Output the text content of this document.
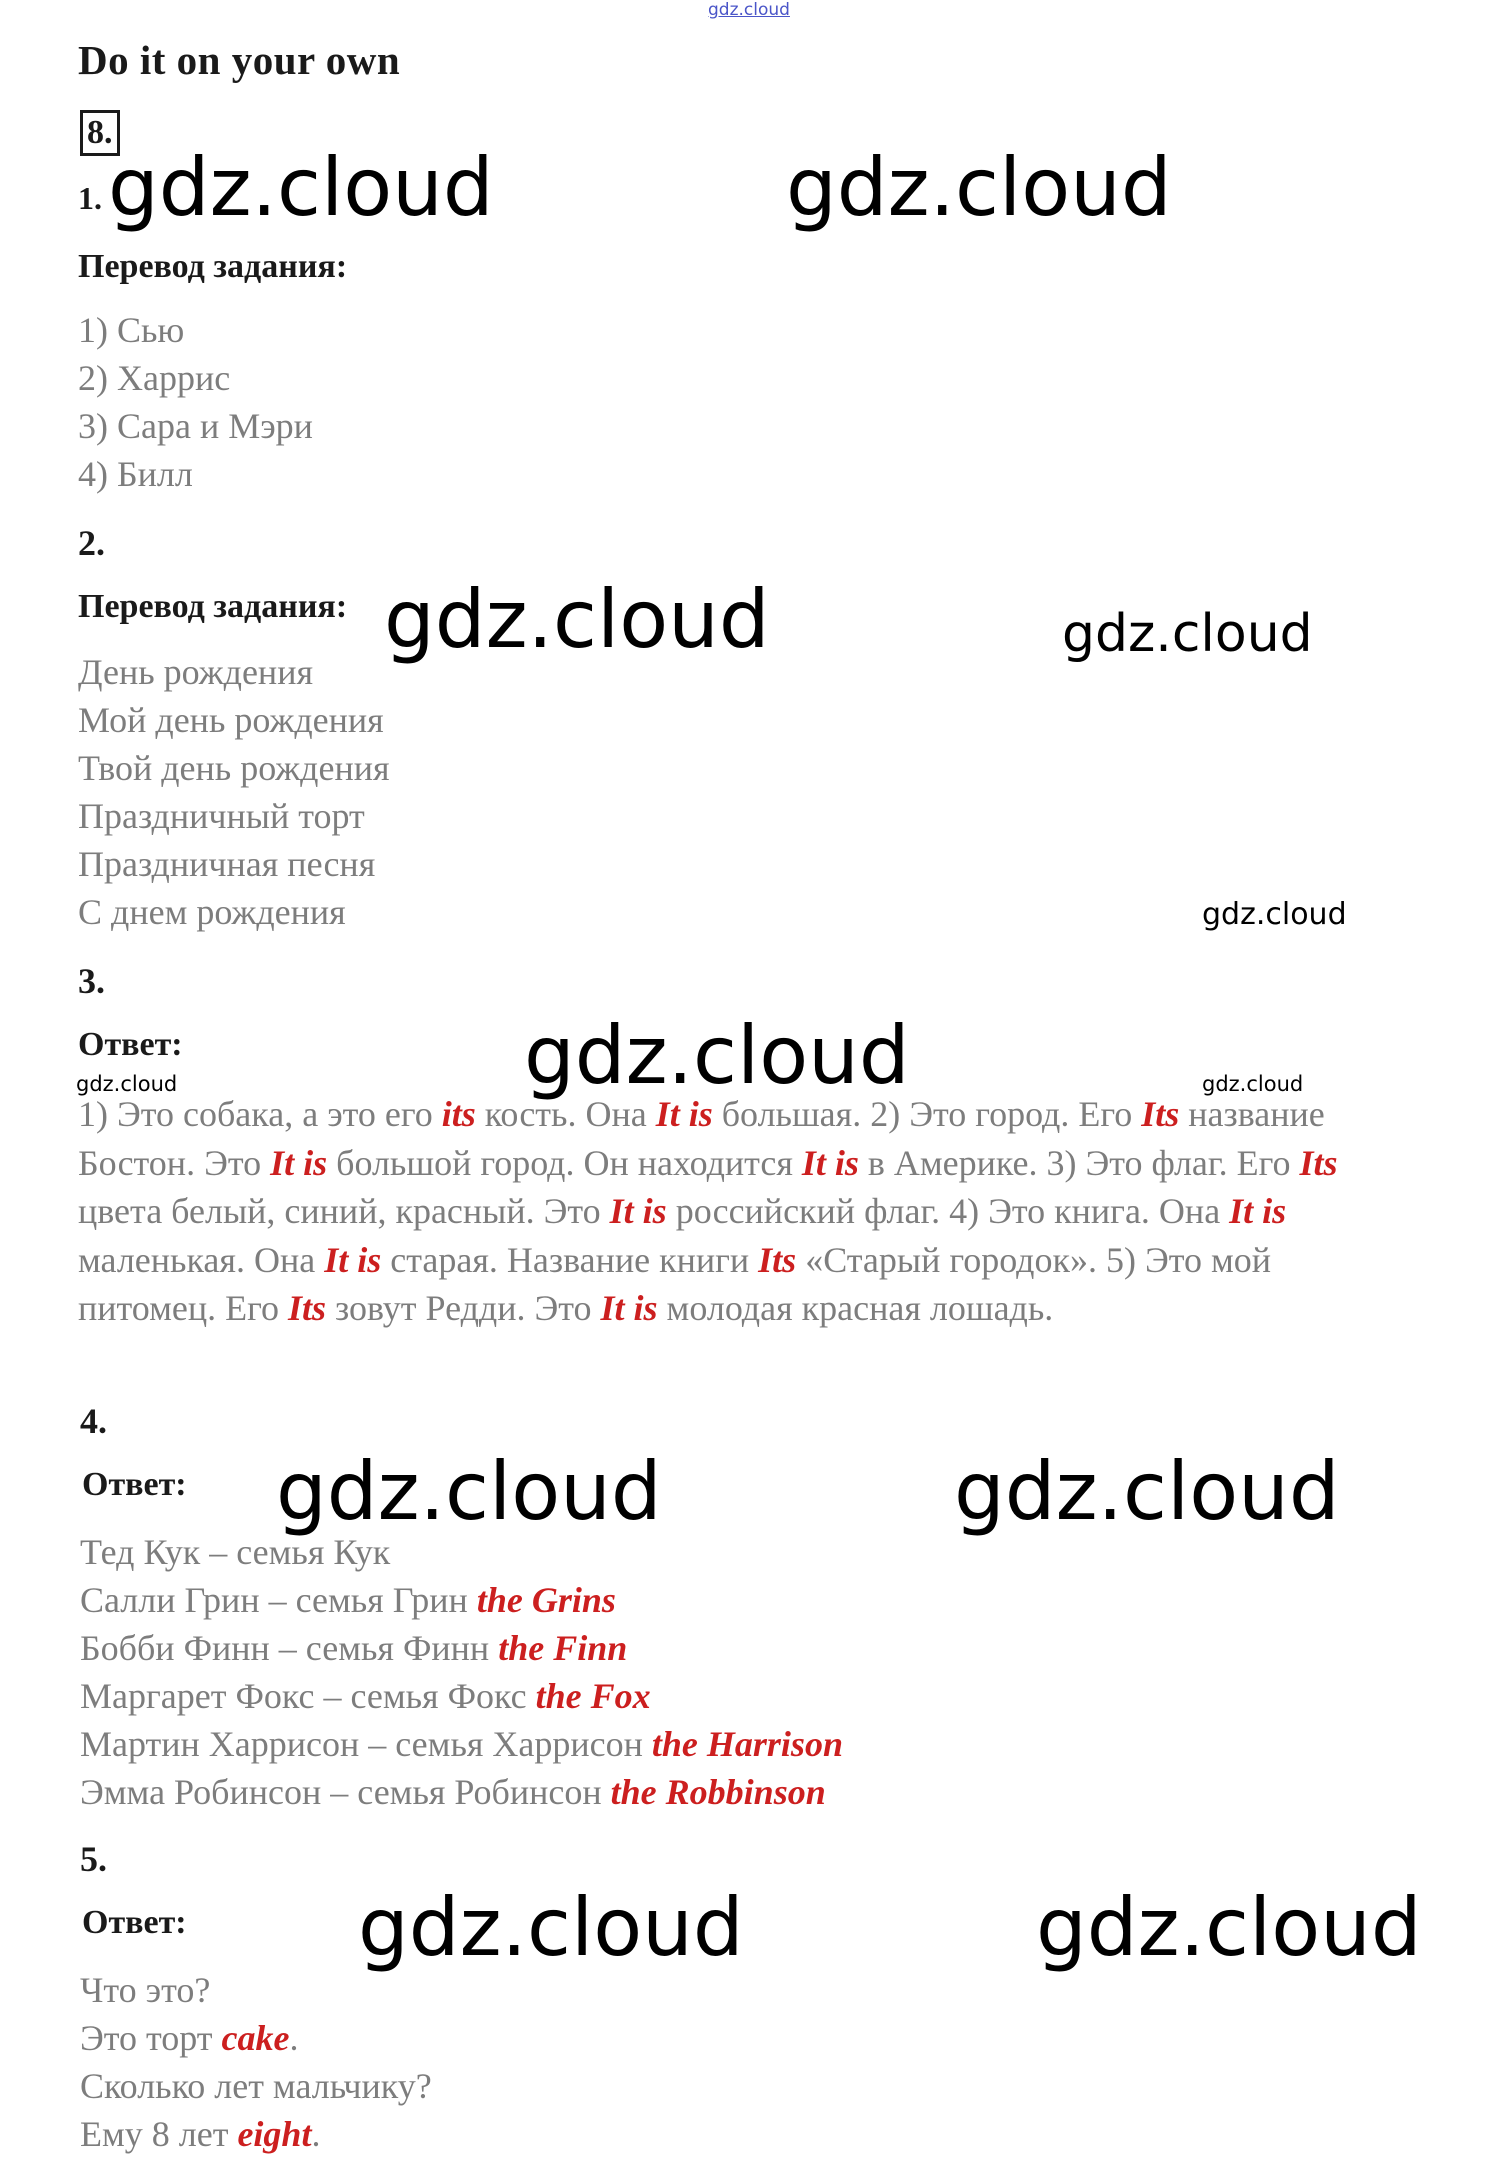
gdz.cloud
Do it on your own
8.
1. gdz.cloud	gdz.cloud
Перевод задания:
1) Сью
2) Харрис
3) Сара и Мэри
4) Билл
2.
Перевод задания: gdz.cloud	gdz.cloud
День рождения
Мой день рождения
Твой день рождения
Праздничный торт
Праздничная песня
С днем рождения	gdz.cloud
3.
Ответ:	gdz.cloud
gdz.cloud	gdz.cloud
1) Это собака, а это его its кость. Она It is большая. 2) Это город. Его Its название Бостон. Это It is большой город. Он находится It is в Америке. 3) Это флаг. Его Its цвета белый, синий, красный. Это It is российский флаг. 4) Это книга. Она It is маленькая. Она It is старая. Название книги Its «Старый городок». 5) Это мой питомец. Его Its зовут Редди. Это It is молодая красная лошадь.
4.
Ответ: gdz.cloud	gdz.cloud
Тед Кук – семья Кук
Салли Грин – семья Грин the Grins
Бобби Финн – семья Финн the Finn
Маргарет Фокс – семья Фокс the Fox
Мартин Харрисон – семья Харрисон the Harrison
Эмма Робинсон – семья Робинсон the Robbinson
5.
Ответ: gdz.cloud	gdz.cloud
Что это?
Это торт cake.
Сколько лет мальчику?
Ему 8 лет eight.
